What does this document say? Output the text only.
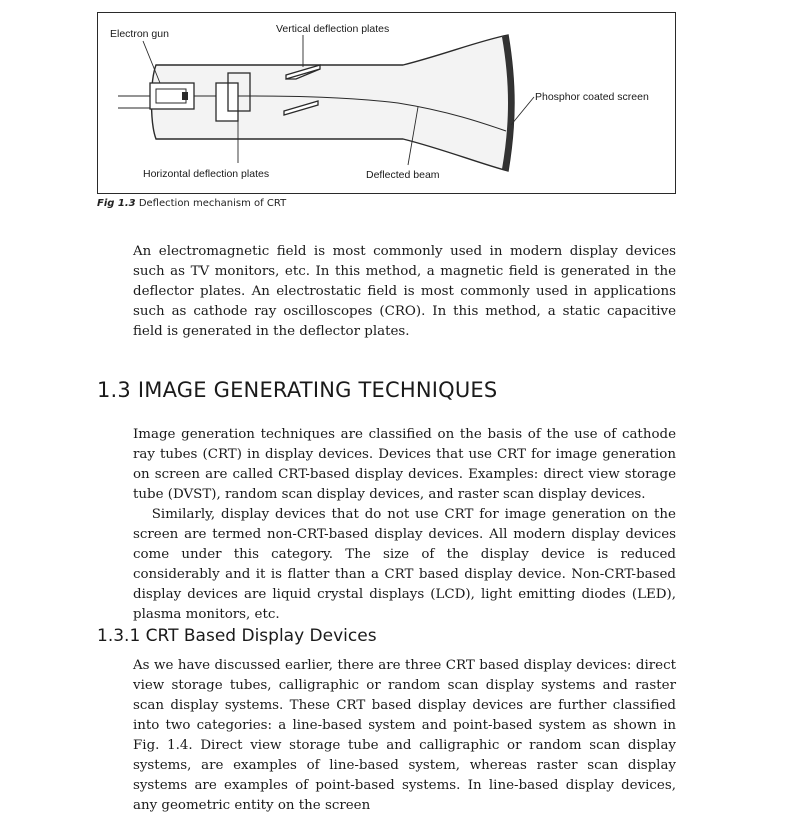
Electron gun	Vertical deflection plates
Phosphor coated screen
Horizontal deflection plates	Deflected beam
Fig 1.3 Deflection mechanism of CRT

An electromagnetic field is most commonly used in modern display devices such as TV monitors, etc. In this method, a magnetic field is generated in the deflector plates. An electrostatic field is most commonly used in applications such as cathode ray oscilloscopes (CRO). In this method, a static capacitive field is generated in the deflector plates.

1.3 IMAGE GENERATING TECHNIQUES

Image generation techniques are classified on the basis of the use of cathode ray tubes (CRT) in display devices. Devices that use CRT for image generation on screen are called CRT-based display devices. Examples: direct view storage tube (DVST), random scan display devices, and raster scan display devices.

Similarly, display devices that do not use CRT for image generation on the screen are termed non-CRT-based display devices. All modern display devices come under this category. The size of the display device is reduced considerably and it is flatter than a CRT based display device. Non-CRT-based display devices are liquid crystal displays (LCD), light emitting diodes (LED), plasma monitors, etc.

1.3.1 CRT Based Display Devices

As we have discussed earlier, there are three CRT based display devices: direct view storage tubes, calligraphic or random scan display systems and raster scan display systems. These CRT based display devices are further classified into two categories: a line-based system and point-based system as shown in Fig. 1.4. Direct view storage tube and calligraphic or random scan display systems, are examples of line-based system, whereas raster scan display systems are examples of point-based systems. In line-based display devices, any geometric entity on the screen
